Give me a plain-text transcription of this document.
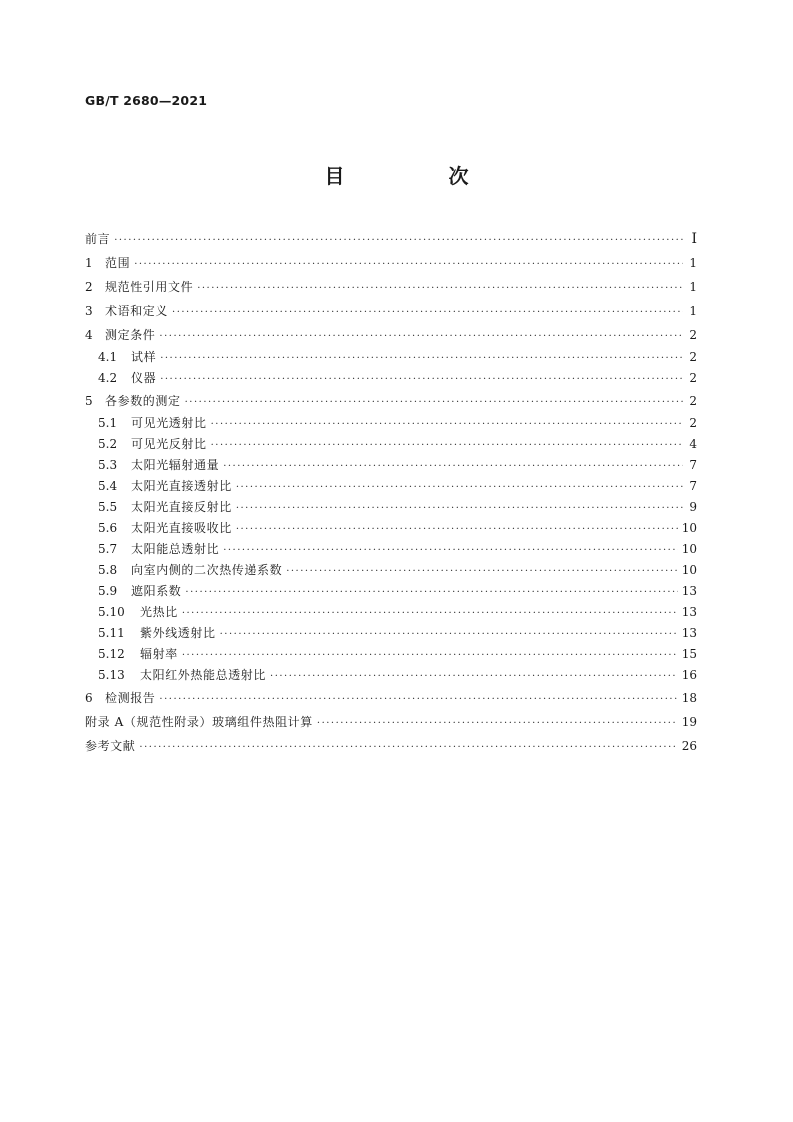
GB/T 2680—2021
目　次
前言 ·····	I
1	范围 ·····	1
2	规范性引用文件 ·····	1
3	术语和定义 ·····	1
4	测定条件 ·····	2
4.1	试样 ·····	2
4.2	仪器 ·····	2
5	各参数的测定 ·····	2
5.1	可见光透射比 ·····	2
5.2	可见光反射比 ·····	4
5.3	太阳光辐射通量 ·····	7
5.4	太阳光直接透射比 ·····	7
5.5	太阳光直接反射比 ·····	9
5.6	太阳光直接吸收比 ·····	10
5.7	太阳能总透射比 ·····	10
5.8	向室内侧的二次热传递系数 ·····	10
5.9	遮阳系数 ·····	13
5.10	光热比 ·····	13
5.11	紫外线透射比 ·····	13
5.12	辐射率 ·····	15
5.13	太阳红外热能总透射比 ·····	16
6	检测报告 ·····	18
附录 A（规范性附录）玻璃组件热阻计算 ·····	19
参考文献 ·····	26
